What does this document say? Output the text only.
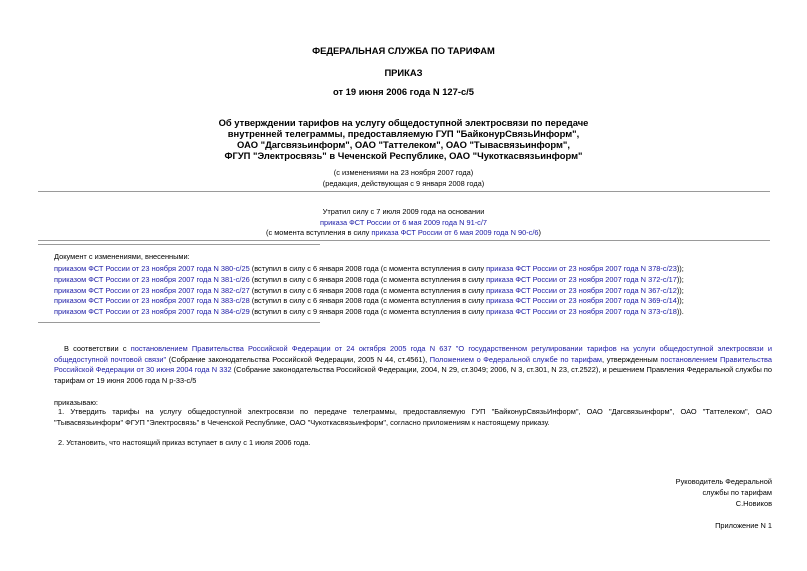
ФЕДЕРАЛЬНАЯ СЛУЖБА ПО ТАРИФАМ
ПРИКАЗ
от 19 июня 2006 года N 127-с/5
Об утверждении тарифов на услугу общедоступной электросвязи по передаче
внутренней телеграммы, предоставляемую ГУП "БайконурСвязьИнформ",
ОАО "Дагсвязьинформ", ОАО "Таттелеком", ОАО "Тывасвязьинформ",
ФГУП "Электросвязь" в Чеченской Республике, ОАО "Чукоткасвязьинформ"
(с изменениями на 23 ноября 2007 года)
(редакция, действующая с 9 января 2008 года)
Утратил силу с 7 июля 2009 года на основании
приказа ФСТ России от 6 мая 2009 года N 91-с/7
(с момента вступления в силу приказа ФСТ России от 6 мая 2009 года N 90-с/6)
Документ с изменениями, внесенными:
приказом ФСТ России от 23 ноября 2007 года N 380-с/25 (вступил в силу с 6 января 2008 года (с момента вступления в силу приказа ФСТ России от 23 ноября 2007 года N 378-с/23));
приказом ФСТ России от 23 ноября 2007 года N 381-с/26 (вступил в силу с 6 января 2008 года (с момента вступления в силу приказа ФСТ России от 23 ноября 2007 года N 372-с/17));
приказом ФСТ России от 23 ноября 2007 года N 382-с/27 (вступил в силу с 6 января 2008 года (с момента вступления в силу приказа ФСТ России от 23 ноября 2007 года N 367-с/12));
приказом ФСТ России от 23 ноября 2007 года N 383-с/28 (вступил в силу с 6 января 2008 года (с момента вступления в силу приказа ФСТ России от 23 ноября 2007 года N 369-с/14));
приказом ФСТ России от 23 ноября 2007 года N 384-с/29 (вступил в силу с 9 января 2008 года (с момента вступления в силу приказа ФСТ России от 23 ноября 2007 года N 373-с/18)).
В соответствии с постановлением Правительства Российской Федерации от 24 октября 2005 года N 637 "О государственном регулировании тарифов на услуги общедоступной электросвязи и общедоступной почтовой связи" (Собрание законодательства Российской Федерации, 2005 N 44, ст.4561), Положением о Федеральной службе по тарифам, утвержденным постановлением Правительства Российской Федерации от 30 июня 2004 года N 332 (Собрание законодательства Российской Федерации, 2004, N 29, ст.3049; 2006, N 3, ст.301, N 23, ст.2522), и решением Правления Федеральной службы по тарифам от 19 июня 2006 года N р-33-с/5
приказываю:
1. Утвердить тарифы на услугу общедоступной электросвязи по передаче телеграммы, предоставляемую ГУП "БайконурСвязьИнформ", ОАО "Дагсвязьинформ", ОАО "Таттелеком", ОАО "Тывасвязьинформ" ФГУП "Электросвязь" в Чеченской Республике, ОАО "Чукоткасвязьинформ", согласно приложениям к настоящему приказу.
2. Установить, что настоящий приказ вступает в силу с 1 июля 2006 года.
Руководитель Федеральной
службы по тарифам
С.Новиков
Приложение N 1
